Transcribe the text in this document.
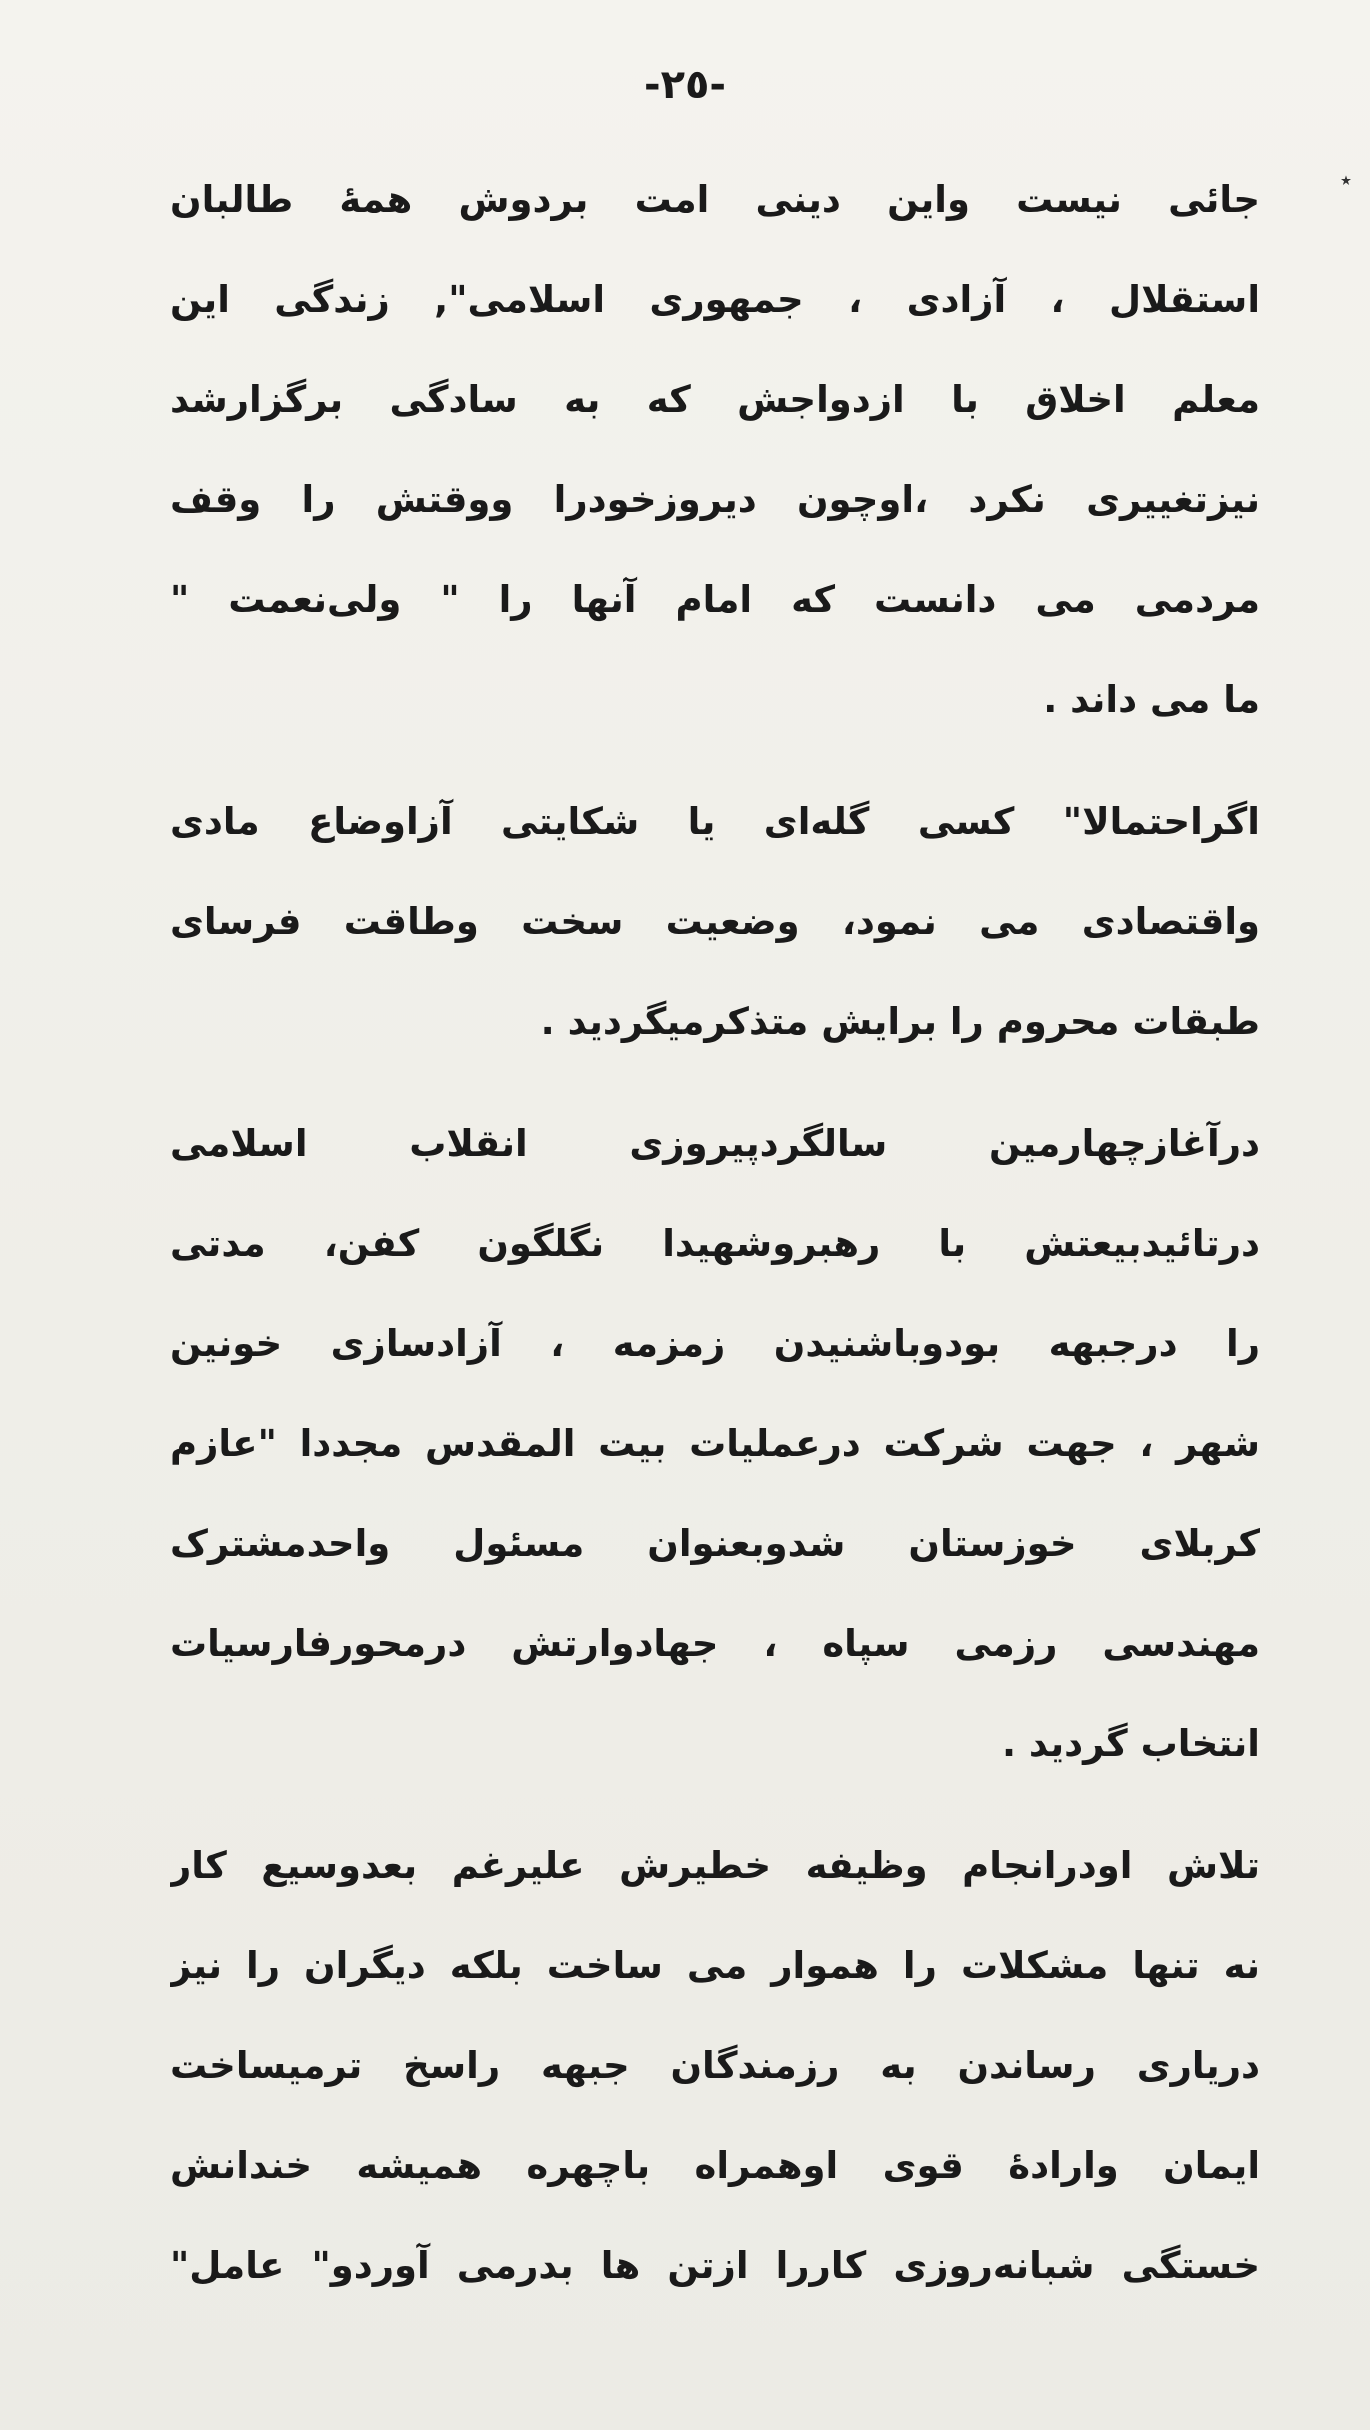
-٢٥-
جائی نیست واین دینی امت بردوش همهٔ طالبان
استقلال ، آزادی ، جمهوری اسلامی", زندگی این
معلم اخلاق با ازدواجش که به سادگی برگزارشد
نیزتغییری نکرد ،اوچون دیروزخودرا ووقتش را وقف
مردمی می دانست که امام آنها را " ولی‌نعمت "
ما می داند .
اگراحتمالا" کسی گله‌ای یا شکایتی آزاوضاع مادی
واقتصادی می نمود، وضعیت سخت وطاقت فرسای
طبقات محروم را برایش متذکرمیگردید .
درآغازچهارمین سالگردپیروزی انقلاب اسلامی
درتائیدبیعتش با رهبروشهیدا نگلگون کفن، مدتی
را درجبهه بودوباشنیدن زمزمه ، آزادسازی خونین
شهر ، جهت شرکت درعملیات بیت المقدس مجددا "عازم
کربلای خوزستان شدوبعنوان مسئول واحدمشترک
مهندسی رزمی سپاه ، جهادوارتش درمحورفارسیات
انتخاب گردید .
تلاش اودرانجام وظیفه خطیرش علیرغم بعدوسیع کار
نه تنها مشکلات را هموار می ساخت بلکه دیگران را نیز
دریاری رساندن به رزمندگان جبهه راسخ ترمیساخت
ایمان وارادهٔ قوی اوهمراه باچهره همیشه خندانش
خستگی شبانه‌روزی کاررا ازتن ها بدرمی آوردو" عامل"
٭
